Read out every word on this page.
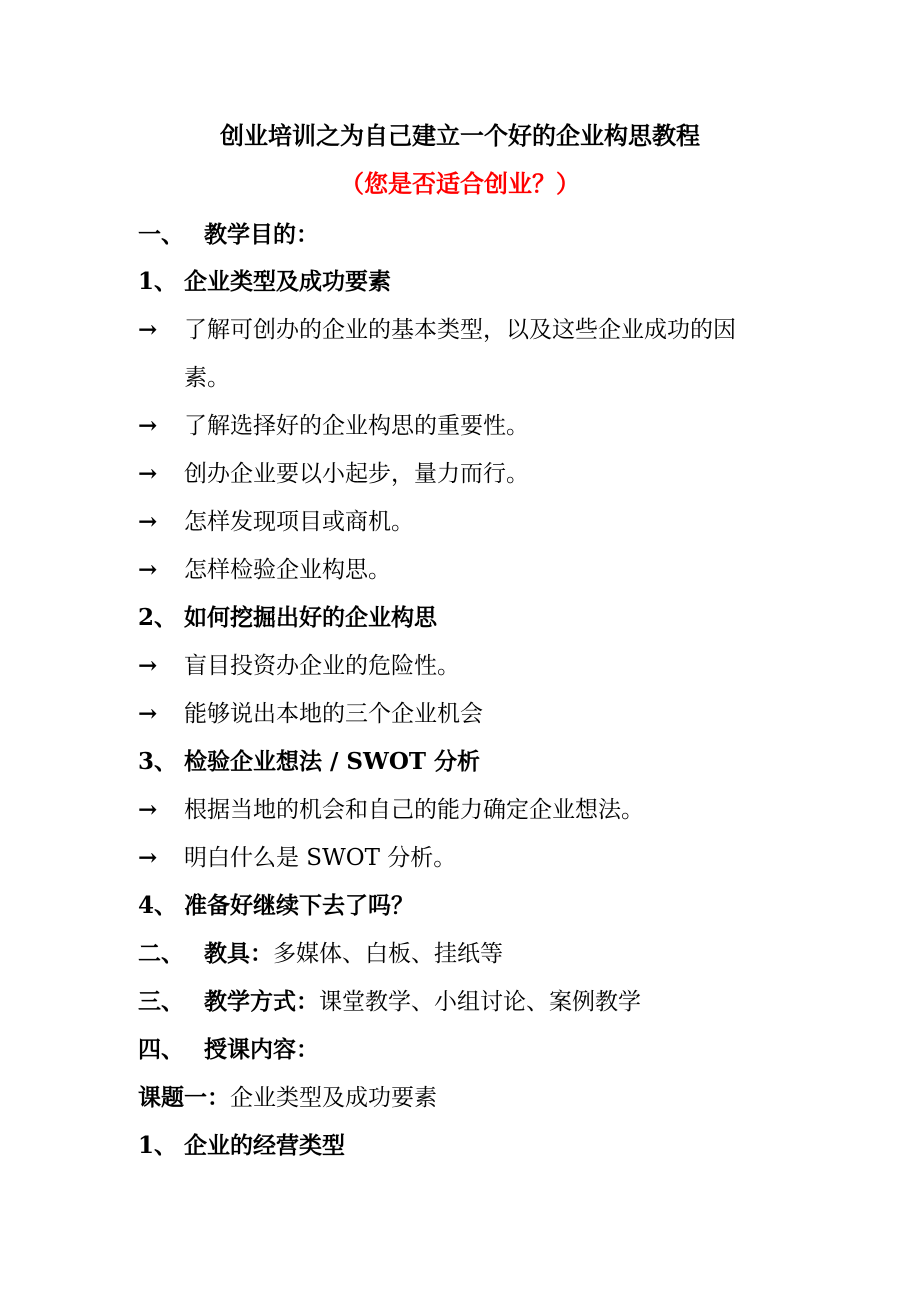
创业培训之为自己建立一个好的企业构思教程
（您是否适合创业？）
一、 教学目的：
1、 企业类型及成功要素
→ 了解可创办的企业的基本类型，以及这些企业成功的因
素。
→ 了解选择好的企业构思的重要性。
→ 创办企业要以小起步，量力而行。
→ 怎样发现项目或商机。
→ 怎样检验企业构思。
2、 如何挖掘出好的企业构思
→ 盲目投资办企业的危险性。
→ 能够说出本地的三个企业机会
3、 检验企业想法 / SWOT 分析
→ 根据当地的机会和自己的能力确定企业想法。
→ 明白什么是 SWOT 分析。
4、 准备好继续下去了吗？
二、 教具：多媒体、白板、挂纸等
三、 教学方式：课堂教学、小组讨论、案例教学
四、 授课内容：
课题一：企业类型及成功要素
1、 企业的经营类型
